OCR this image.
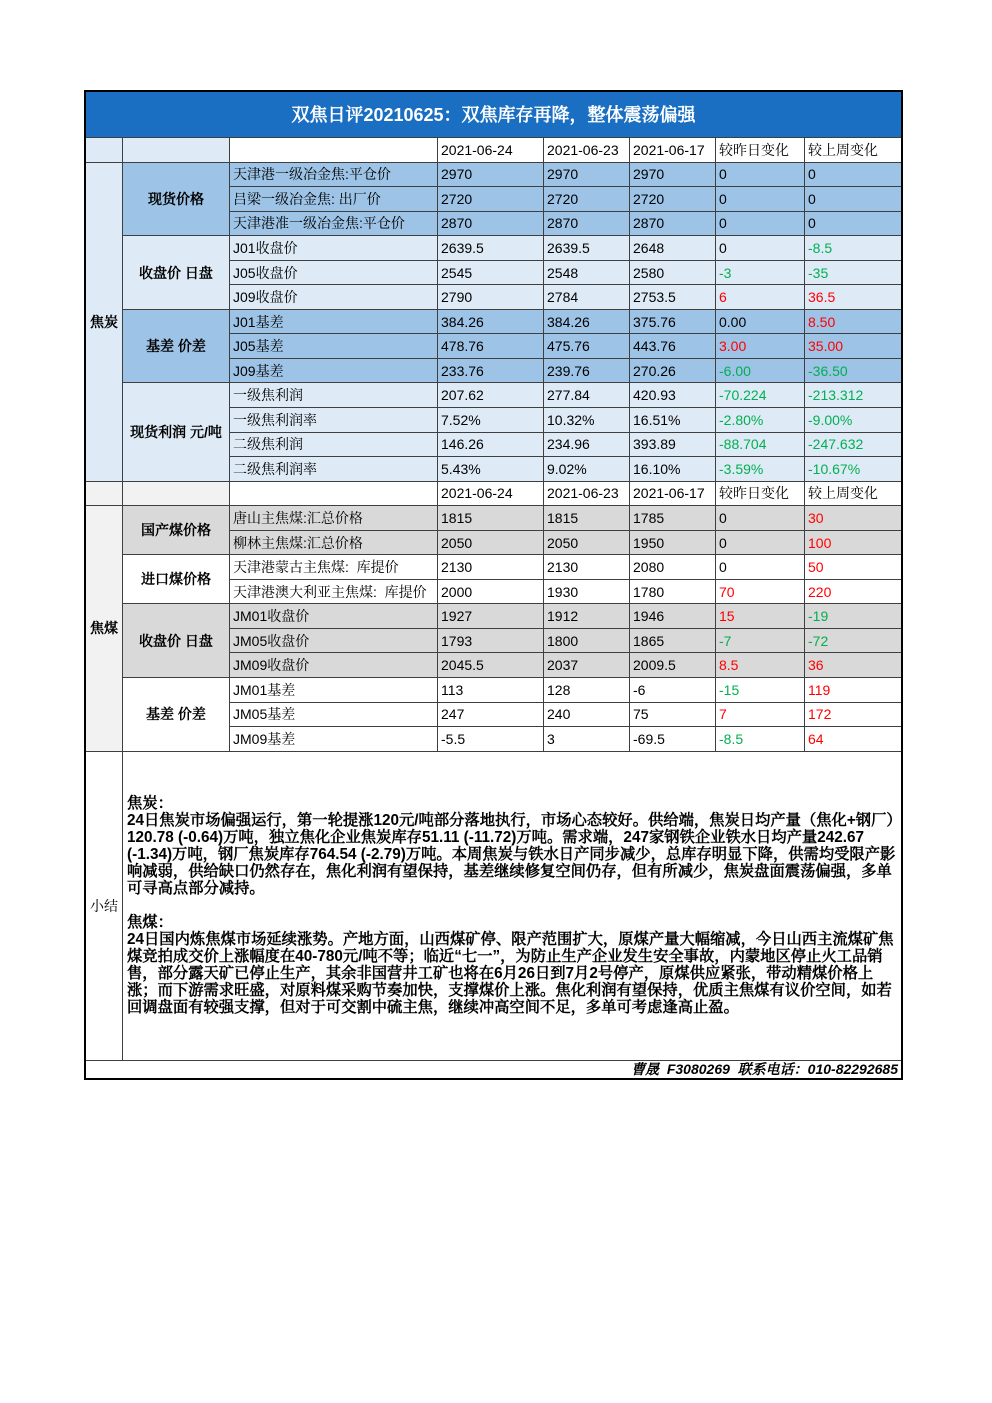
双焦日评20210625：双焦库存再降，整体震荡偏强
小结

焦炭：

24日焦炭市场偏强运行，第一轮提涨120元/吨部分落地执行，市场心态较好。供给端，焦炭日均产量（焦化+钢厂）120.78 (-0.64)万吨，独立焦化企业焦炭库存51.11 (-11.72)万吨。需求端，247家钢铁企业铁水日均产量242.67 (-1.34)万吨，钢厂焦炭库存764.54 (-2.79)万吨。本周焦炭与铁水日产同步减少，总库存明显下降，供需均受限产影响减弱，供给缺口仍然存在，焦化利润有望保持，基差继续修复空间仍存，但有所减少，焦炭盘面震荡偏强，多单可寻高点部分减持。

焦煤：

24日国内炼焦煤市场延续涨势。产地方面，山西煤矿停、限产范围扩大，原煤产量大幅缩减，今日山西主流煤矿焦煤竞拍成交价上涨幅度在40-780元/吨不等；临近“七一”，为防止生产企业发生安全事故，内蒙地区停止火工品销售，部分露天矿已停止生产，其余非国营井工矿也将在6月26日到7月2号停产，原煤供应紧张，带动精煤价格上涨；而下游需求旺盛，对原料煤采购节奏加快，支撑煤价上涨。焦化利润有望保持，优质主焦煤有议价空间，如若回调盘面有较强支撑，但对于可交割中硫主焦，继续冲高空间不足，多单可考虑逢高止盈。

曹晟  F3080269  联系电话：010-82292685
2021-06-24	2021-06-23	2021-06-17	较昨日变化	较上周变化
焦炭
现货价格
天津港一级冶金焦:平仓价	2970	2970	2970	0	0
吕梁一级冶金焦: 出厂价	2720	2720	2720	0	0
天津港准一级冶金焦:平仓价	2870	2870	2870	0	0
收盘价 日盘
J01收盘价	2639.5	2639.5	2648	0	-8.5
J05收盘价	2545	2548	2580	-3	-35
J09收盘价	2790	2784	2753.5	6	36.5
基差 价差
J01基差	384.26	384.26	375.76	0.00	8.50
J05基差	478.76	475.76	443.76	3.00	35.00
J09基差	233.76	239.76	270.26	-6.00	-36.50
现货利润 元/吨
一级焦利润	207.62	277.84	420.93	-70.224	-213.312
一级焦利润率	7.52%	10.32%	16.51%	-2.80%	-9.00%
二级焦利润	146.26	234.96	393.89	-88.704	-247.632
二级焦利润率	5.43%	9.02%	16.10%	-3.59%	-10.67%
2021-06-24	2021-06-23	2021-06-17	较昨日变化	较上周变化
焦煤
国产煤价格
唐山主焦煤:汇总价格	1815	1815	1785	0	30
柳林主焦煤:汇总价格	2050	2050	1950	0	100
进口煤价格
天津港蒙古主焦煤:  库提价	2130	2130	2080	0	50
天津港澳大利亚主焦煤:  库提价	2000	1930	1780	70	220
收盘价 日盘
JM01收盘价	1927	1912	1946	15	-19
JM05收盘价	1793	1800	1865	-7	-72
JM09收盘价	2045.5	2037	2009.5	8.5	36
基差 价差
JM01基差	113	128	-6	-15	119
JM05基差	247	240	75	7	172
JM09基差	-5.5	3	-69.5	-8.5	64
